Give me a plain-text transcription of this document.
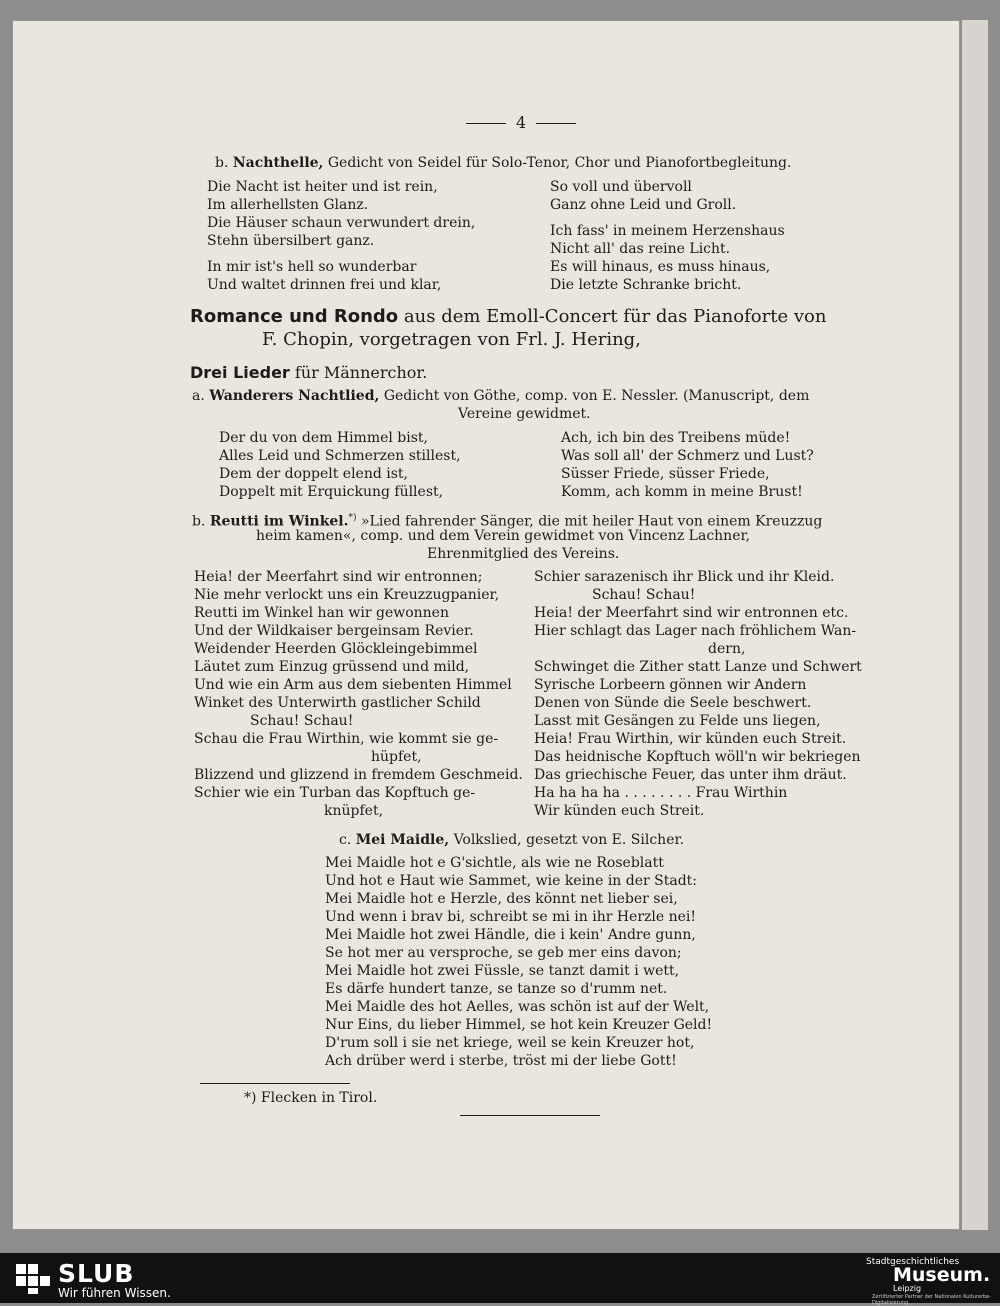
4
b. Nachthelle, Gedicht von Seidel für Solo-Tenor, Chor und Pianofortbegleitung.
Die Nacht ist heiter und ist rein,
Im allerhellsten Glanz.
Die Häuser schaun verwundert drein,
Stehn übersilbert ganz.
In mir ist's hell so wunderbar
Und waltet drinnen frei und klar,
So voll und übervoll
Ganz ohne Leid und Groll.
Ich fass' in meinem Herzenshaus
Nicht all' das reine Licht.
Es will hinaus, es muss hinaus,
Die letzte Schranke bricht.
Romance und Rondo aus dem Emoll-Concert für das Pianoforte von
F. Chopin, vorgetragen von Frl. J. Hering,
Drei Lieder für Männerchor.
a. Wanderers Nachtlied, Gedicht von Göthe, comp. von E. Nessler. (Manuscript, dem
Vereine gewidmet.
Der du von dem Himmel bist,
Alles Leid und Schmerzen stillest,
Dem der doppelt elend ist,
Doppelt mit Erquickung füllest,
Ach, ich bin des Treibens müde!
Was soll all' der Schmerz und Lust?
Süsser Friede, süsser Friede,
Komm, ach komm in meine Brust!
b. Reutti im Winkel.*) »Lied fahrender Sänger, die mit heiler Haut von einem Kreuzzug
heim kamen«, comp. und dem Verein gewidmet von Vincenz Lachner,
Ehrenmitglied des Vereins.
Heia! der Meerfahrt sind wir entronnen;
Nie mehr verlockt uns ein Kreuzzugpanier,
Reutti im Winkel han wir gewonnen
Und der Wildkaiser bergeinsam Revier.
Weidender Heerden Glöckleingebimmel
Läutet zum Einzug grüssend und mild,
Und wie ein Arm aus dem siebenten Himmel
Winket des Unterwirth gastlicher Schild
Schau! Schau!
Schau die Frau Wirthin, wie kommt sie ge-
hüpfet,
Blizzend und glizzend in fremdem Geschmeid.
Schier wie ein Turban das Kopftuch ge-
knüpfet,
Schier sarazenisch ihr Blick und ihr Kleid.
Schau! Schau!
Heia! der Meerfahrt sind wir entronnen etc.
Hier schlagt das Lager nach fröhlichem Wan-
dern,
Schwinget die Zither statt Lanze und Schwert
Syrische Lorbeern gönnen wir Andern
Denen von Sünde die Seele beschwert.
Lasst mit Gesängen zu Felde uns liegen,
Heia! Frau Wirthin, wir künden euch Streit.
Das heidnische Kopftuch wöll'n wir bekriegen
Das griechische Feuer, das unter ihm dräut.
Ha ha ha ha . . . . . . . . Frau Wirthin
Wir künden euch Streit.
c. Mei Maidle, Volkslied, gesetzt von E. Silcher.
Mei Maidle hot e G'sichtle, als wie ne Roseblatt
Und hot e Haut wie Sammet, wie keine in der Stadt:
Mei Maidle hot e Herzle, des könnt net lieber sei,
Und wenn i brav bi, schreibt se mi in ihr Herzle nei!
Mei Maidle hot zwei Händle, die i kein' Andre gunn,
Se hot mer au versproche, se geb mer eins davon;
Mei Maidle hot zwei Füssle, se tanzt damit i wett,
Es därfe hundert tanze, se tanze so d'rumm net.
Mei Maidle des hot Aelles, was schön ist auf der Welt,
Nur Eins, du lieber Himmel, se hot kein Kreuzer Geld!
D'rum soll i sie net kriege, weil se kein Kreuzer hot,
Ach drüber werd i sterbe, tröst mi der liebe Gott!
*) Flecken in Tirol.
SLUB
Wir führen Wissen.
Stadtgeschichtliches
Museum.
Leipzig
Zertifizierter Partner der Nationalen Kulturerbe-Digitalisierung
